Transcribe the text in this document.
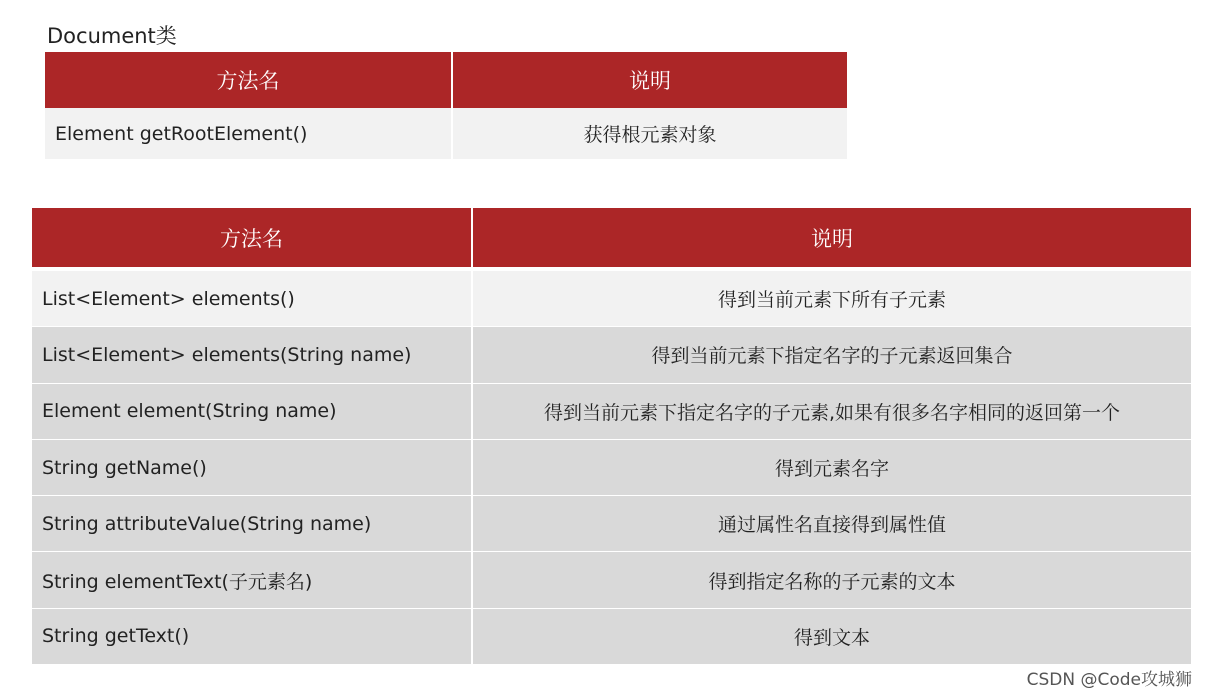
Document类
方法名	说明
Element getRootElement()	获得根元素对象
方法名	说明
List<Element> elements()	得到当前元素下所有子元素
List<Element> elements(String name)	得到当前元素下指定名字的子元素返回集合
Element element(String name)	得到当前元素下指定名字的子元素,如果有很多名字相同的返回第一个
String getName()	得到元素名字
String attributeValue(String name)	通过属性名直接得到属性值
String elementText(子元素名)	得到指定名称的子元素的文本
String getText()	得到文本
CSDN @Code攻城狮
